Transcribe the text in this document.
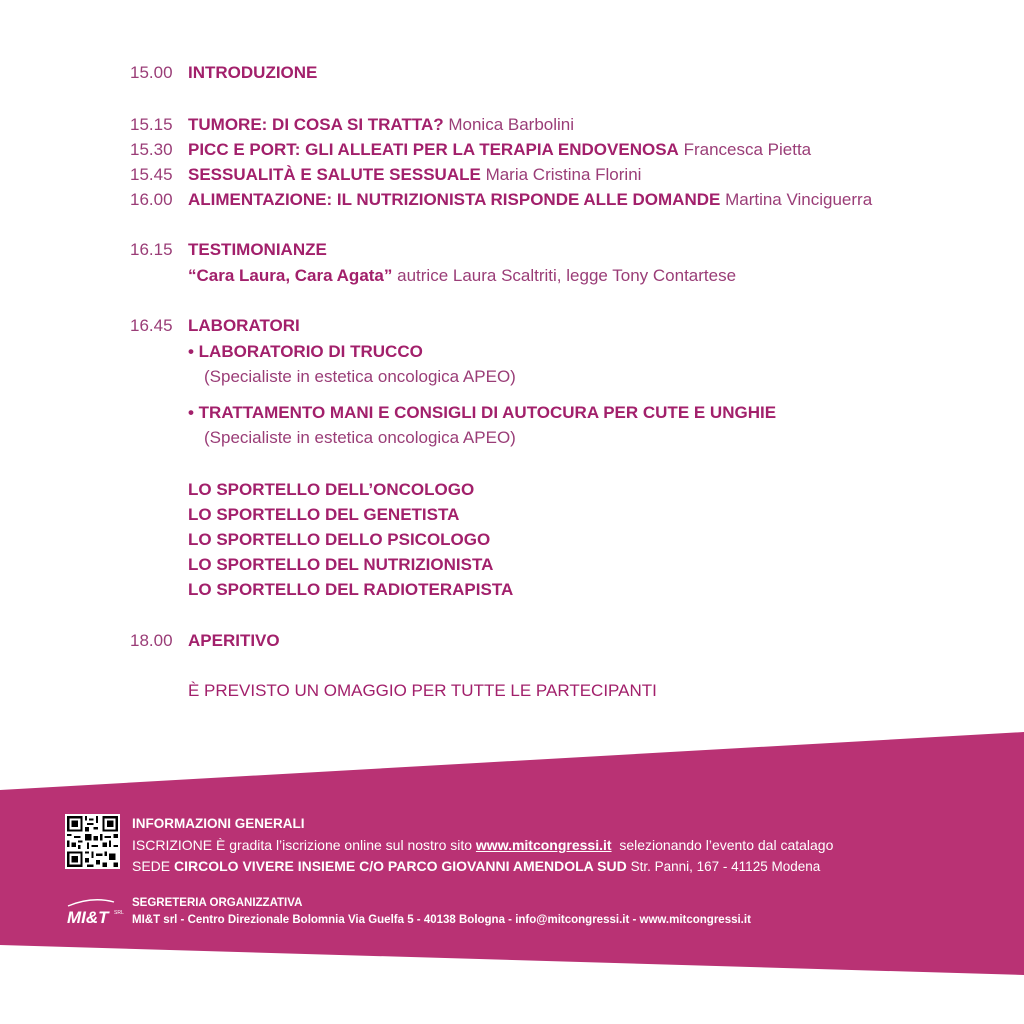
15.00 INTRODUZIONE
15.15 TUMORE: DI COSA SI TRATTA? Monica Barbolini
15.30 PICC E PORT: GLI ALLEATI PER LA TERAPIA ENDOVENOSA Francesca Pietta
15.45 SESSUALITÀ E SALUTE SESSUALE Maria Cristina Florini
16.00 ALIMENTAZIONE: IL NUTRIZIONISTA RISPONDE ALLE DOMANDE Martina Vinciguerra
16.15 TESTIMONIANZE
“Cara Laura, Cara Agata” autrice Laura Scaltriti, legge Tony Contartese
16.45 LABORATORI
• LABORATORIO DI TRUCCO
(Specialiste in estetica oncologica APEO)
• TRATTAMENTO MANI E CONSIGLI DI AUTOCURA PER CUTE E UNGHIE
(Specialiste in estetica oncologica APEO)
LO SPORTELLO DELL’ONCOLOGO
LO SPORTELLO DEL GENETISTA
LO SPORTELLO DELLO PSICOLOGO
LO SPORTELLO DEL NUTRIZIONISTA
LO SPORTELLO DEL RADIOTERAPISTA
18.00 APERITIVO
È PREVISTO UN OMAGGIO PER TUTTE LE PARTECIPANTI
INFORMAZIONI GENERALI
ISCRIZIONE È gradita l’iscrizione online sul nostro sito www.mitcongressi.it selezionando l’evento dal catalago
SEDE CIRCOLO VIVERE INSIEME C/O PARCO GIOVANNI AMENDOLA SUD Str. Panni, 167 - 41125 Modena
MI&T	SRL
SEGRETERIA ORGANIZZATIVA
MI&T srl - Centro Direzionale Bolomnia Via Guelfa 5 - 40138 Bologna - info@mitcongressi.it - www.mitcongressi.it
